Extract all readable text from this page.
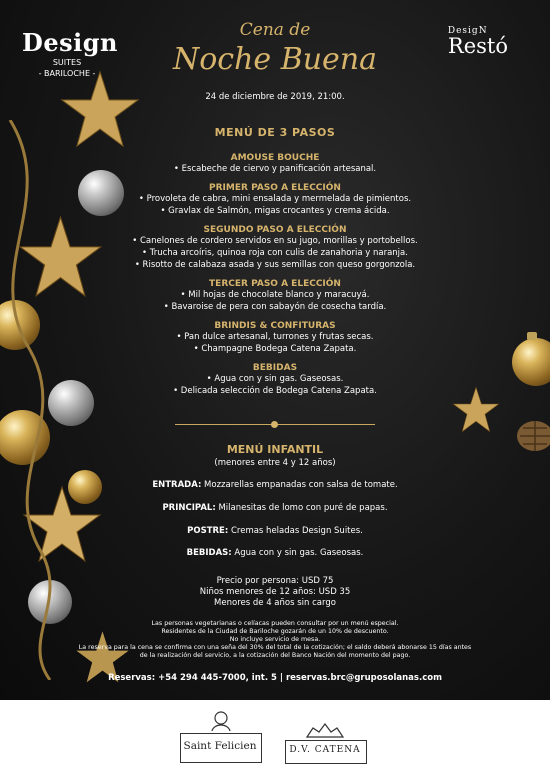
Design
SUITES
- BARILOCHE -
DesigN
Restó
Cena de
Noche Buena
24 de diciembre de 2019, 21:00.
MENÚ DE 3 PASOS
AMOUSE BOUCHE
• Escabeche de ciervo y panificación artesanal.
PRIMER PASO A ELECCIÓN
• Provoleta de cabra, mini ensalada y mermelada de pimientos.
• Gravlax de Salmón, migas crocantes y crema ácida.
SEGUNDO PASO A ELECCIÓN
• Canelones de cordero servidos en su jugo, morillas y portobellos.
• Trucha arcoíris, quinoa roja con culis de zanahoria y naranja.
• Risotto de calabaza asada y sus semillas con queso gorgonzola.
TERCER PASO A ELECCIÓN
• Mil hojas de chocolate blanco y maracuyá.
• Bavaroise de pera con sabayón de cosecha tardía.
BRINDIS & CONFITURAS
• Pan dulce artesanal, turrones y frutas secas.
• Champagne Bodega Catena Zapata.
BEBIDAS
• Agua con y sin gas. Gaseosas.
• Delicada selección de Bodega Catena Zapata.
MENÚ INFANTIL
(menores entre 4 y 12 años)
ENTRADA: Mozzarellas empanadas con salsa de tomate.
PRINCIPAL: Milanesitas de lomo con puré de papas.
POSTRE: Cremas heladas Design Suites.
BEBIDAS: Agua con y sin gas. Gaseosas.
Precio por persona: USD 75
Niños menores de 12 años: USD 35
Menores de 4 años sin cargo
Las personas vegetarianas o celíacas pueden consultar por un menú especial.
Residentes de la Ciudad de Bariloche gozarán de un 10% de descuento.
No incluye servicio de mesa.
La reserva para la cena se confirma con una seña del 30% del total de la cotización; el saldo deberá abonarse 15 días antes
de la realización del servicio, a la cotización del Banco Nación del momento del pago.
Reservas: +54 294 445-7000, int. 5 | reservas.brc@gruposolanas.com
Saint Felicien	D.V. CATENA
